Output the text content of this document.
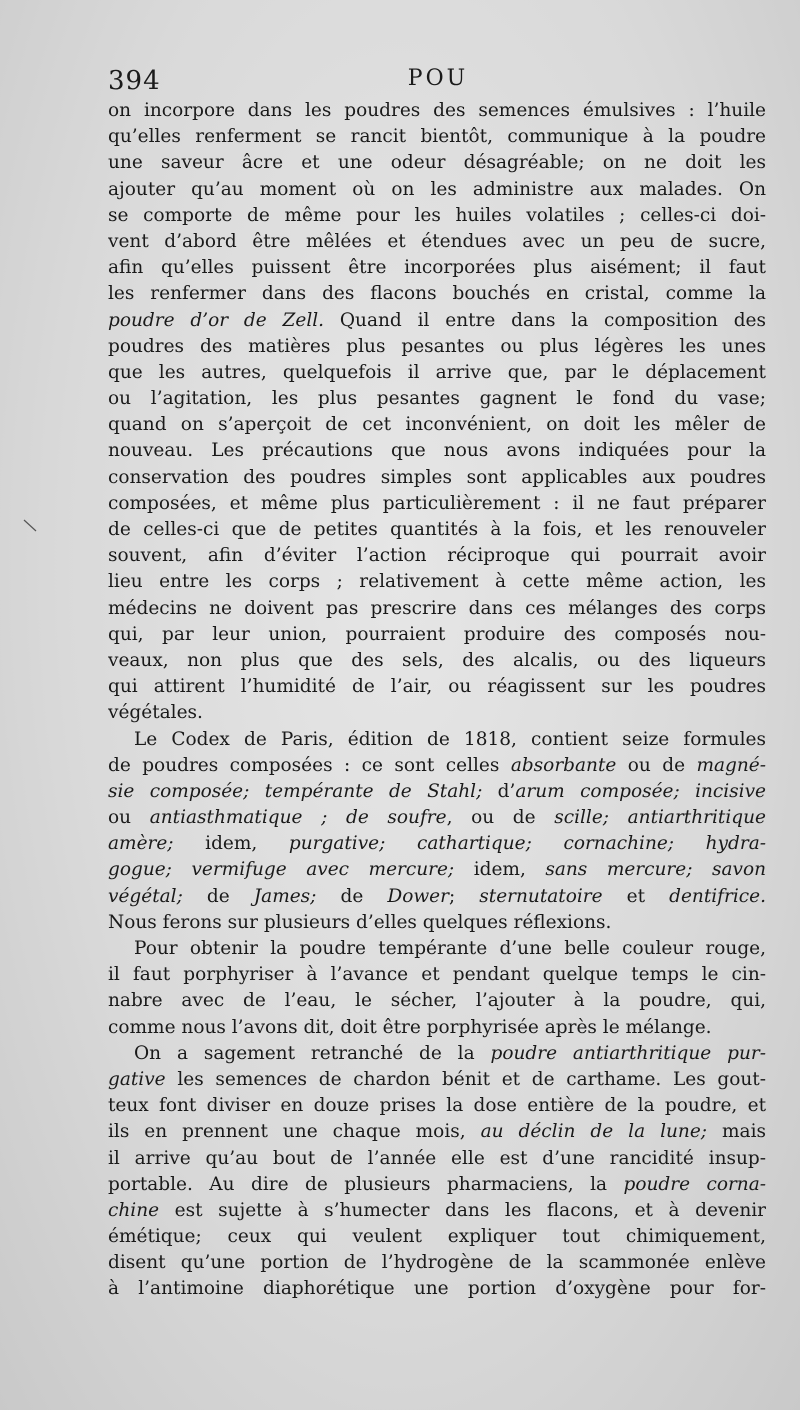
394	POU
on incorpore dans les poudres des semences émulsives : l’huile
qu’elles renferment se rancit bientôt, communique à la poudre
une saveur âcre et une odeur désagréable; on ne doit les
ajouter qu’au moment où on les administre aux malades. On
se comporte de même pour les huiles volatiles ; celles-ci doi-
vent d’abord être mêlées et étendues avec un peu de sucre,
afin qu’elles puissent être incorporées plus aisément; il faut
les renfermer dans des flacons bouchés en cristal, comme la
poudre d’or de Zell. Quand il entre dans la composition des
poudres des matières plus pesantes ou plus légères les unes
que les autres, quelquefois il arrive que, par le déplacement
ou l’agitation, les plus pesantes gagnent le fond du vase;
quand on s’aperçoit de cet inconvénient, on doit les mêler de
nouveau. Les précautions que nous avons indiquées pour la
conservation des poudres simples sont applicables aux poudres
composées, et même plus particulièrement : il ne faut préparer
de celles-ci que de petites quantités à la fois, et les renouveler
souvent, afin d’éviter l’action réciproque qui pourrait avoir
lieu entre les corps ; relativement à cette même action, les
médecins ne doivent pas prescrire dans ces mélanges des corps
qui, par leur union, pourraient produire des composés nou-
veaux, non plus que des sels, des alcalis, ou des liqueurs
qui attirent l’humidité de l’air, ou réagissent sur les poudres
végétales.
Le Codex de Paris, édition de 1818, contient seize formules
de poudres composées : ce sont celles absorbante ou de magné-
sie composée; tempérante de Stahl; d’arum composée; incisive
ou antiasthmatique ; de soufre, ou de scille; antiarthritique
amère; idem, purgative; cathartique; cornachine; hydra-
gogue; vermifuge avec mercure; idem, sans mercure; savon
végétal; de James; de Dower; sternutatoire et dentifrice.
Nous ferons sur plusieurs d’elles quelques réflexions.
Pour obtenir la poudre tempérante d’une belle couleur rouge,
il faut porphyriser à l’avance et pendant quelque temps le cin-
nabre avec de l’eau, le sécher, l’ajouter à la poudre, qui,
comme nous l’avons dit, doit être porphyrisée après le mélange.
On a sagement retranché de la poudre antiarthritique pur-
gative les semences de chardon bénit et de carthame. Les gout-
teux font diviser en douze prises la dose entière de la poudre, et
ils en prennent une chaque mois, au déclin de la lune; mais
il arrive qu’au bout de l’année elle est d’une rancidité insup-
portable. Au dire de plusieurs pharmaciens, la poudre corna-
chine est sujette à s’humecter dans les flacons, et à devenir
émétique; ceux qui veulent expliquer tout chimiquement,
disent qu’une portion de l’hydrogène de la scammonée enlève
à l’antimoine diaphorétique une portion d’oxygène pour for-
